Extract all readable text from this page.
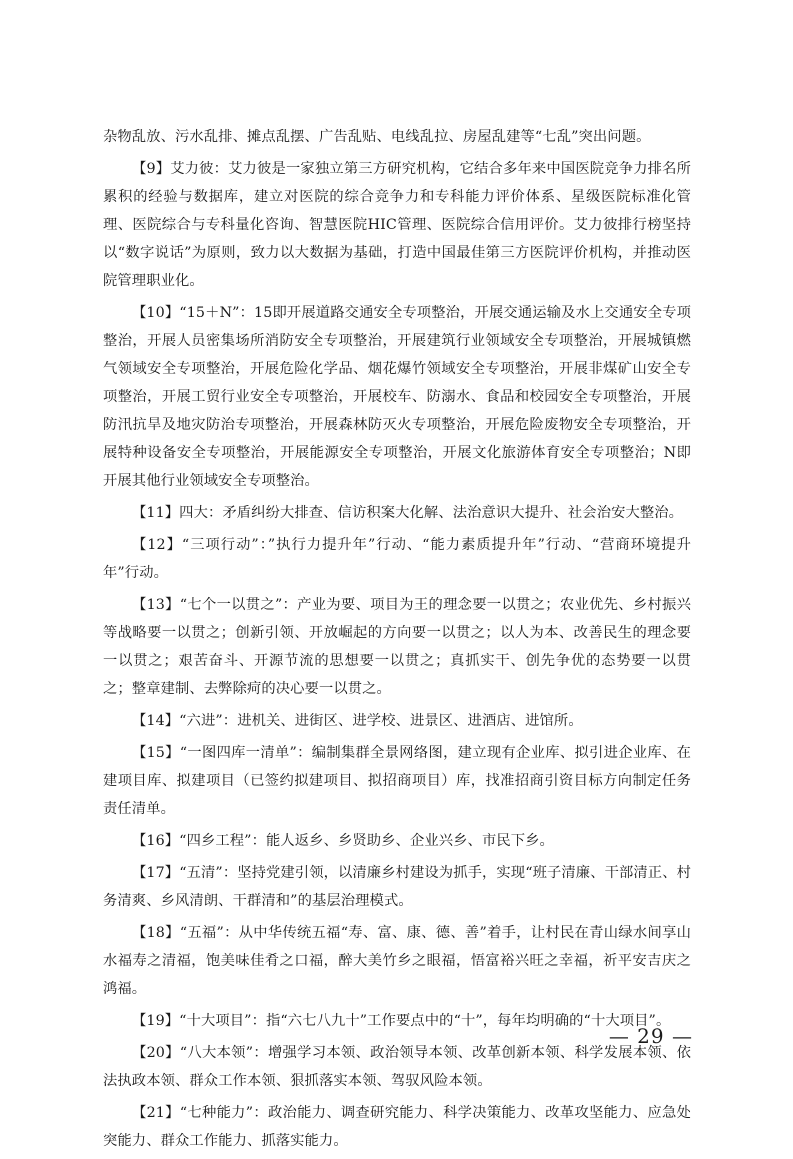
杂物乱放、污水乱排、摊点乱摆、广告乱贴、电线乱拉、房屋乱建等“七乱”突出问题。

【9】艾力彼：艾力彼是一家独立第三方研究机构，它结合多年来中国医院竞争力排名所累积的经验与数据库，建立对医院的综合竞争力和专科能力评价体系、星级医院标准化管理、医院综合与专科量化咨询、智慧医院HIC管理、医院综合信用评价。艾力彼排行榜坚持以“数字说话”为原则，致力以大数据为基础，打造中国最佳第三方医院评价机构，并推动医院管理职业化。

【10】“15＋N”：15即开展道路交通安全专项整治，开展交通运输及水上交通安全专项整治，开展人员密集场所消防安全专项整治，开展建筑行业领域安全专项整治，开展城镇燃气领域安全专项整治，开展危险化学品、烟花爆竹领域安全专项整治，开展非煤矿山安全专项整治，开展工贸行业安全专项整治，开展校车、防溺水、食品和校园安全专项整治，开展防汛抗旱及地灾防治专项整治，开展森林防灭火专项整治，开展危险废物安全专项整治，开展特种设备安全专项整治，开展能源安全专项整治，开展文化旅游体育安全专项整治；N即开展其他行业领域安全专项整治。

【11】四大：矛盾纠纷大排查、信访积案大化解、法治意识大提升、社会治安大整治。

【12】“三项行动”：”执行力提升年”行动、“能力素质提升年”行动、“营商环境提升年”行动。

【13】“七个一以贯之”：产业为要、项目为王的理念要一以贯之；农业优先、乡村振兴等战略要一以贯之；创新引领、开放崛起的方向要一以贯之；以人为本、改善民生的理念要一以贯之；艰苦奋斗、开源节流的思想要一以贯之；真抓实干、创先争优的态势要一以贯之；整章建制、去弊除疴的决心要一以贯之。

【14】“六进”：进机关、进街区、进学校、进景区、进酒店、进馆所。

【15】“一图四库一清单”：编制集群全景网络图，建立现有企业库、拟引进企业库、在建项目库、拟建项目（已签约拟建项目、拟招商项目）库，找准招商引资目标方向制定任务责任清单。

【16】“四乡工程”：能人返乡、乡贤助乡、企业兴乡、市民下乡。

【17】“五清”：坚持党建引领，以清廉乡村建设为抓手，实现“班子清廉、干部清正、村务清爽、乡风清朗、干群清和”的基层治理模式。

【18】“五福”：从中华传统五福“寿、富、康、德、善”着手，让村民在青山绿水间享山水福寿之清福，饱美味佳肴之口福，醉大美竹乡之眼福，悟富裕兴旺之幸福，祈平安吉庆之鸿福。

【19】“十大项目”：指“六七八九十”工作要点中的“十”，每年均明确的“十大项目”。

【20】“八大本领”：增强学习本领、政治领导本领、改革创新本领、科学发展本领、依法执政本领、群众工作本领、狠抓落实本领、驾驭风险本领。

【21】“七种能力”：政治能力、调查研究能力、科学决策能力、改革攻坚能力、应急处突能力、群众工作能力、抓落实能力。

— 29 —
